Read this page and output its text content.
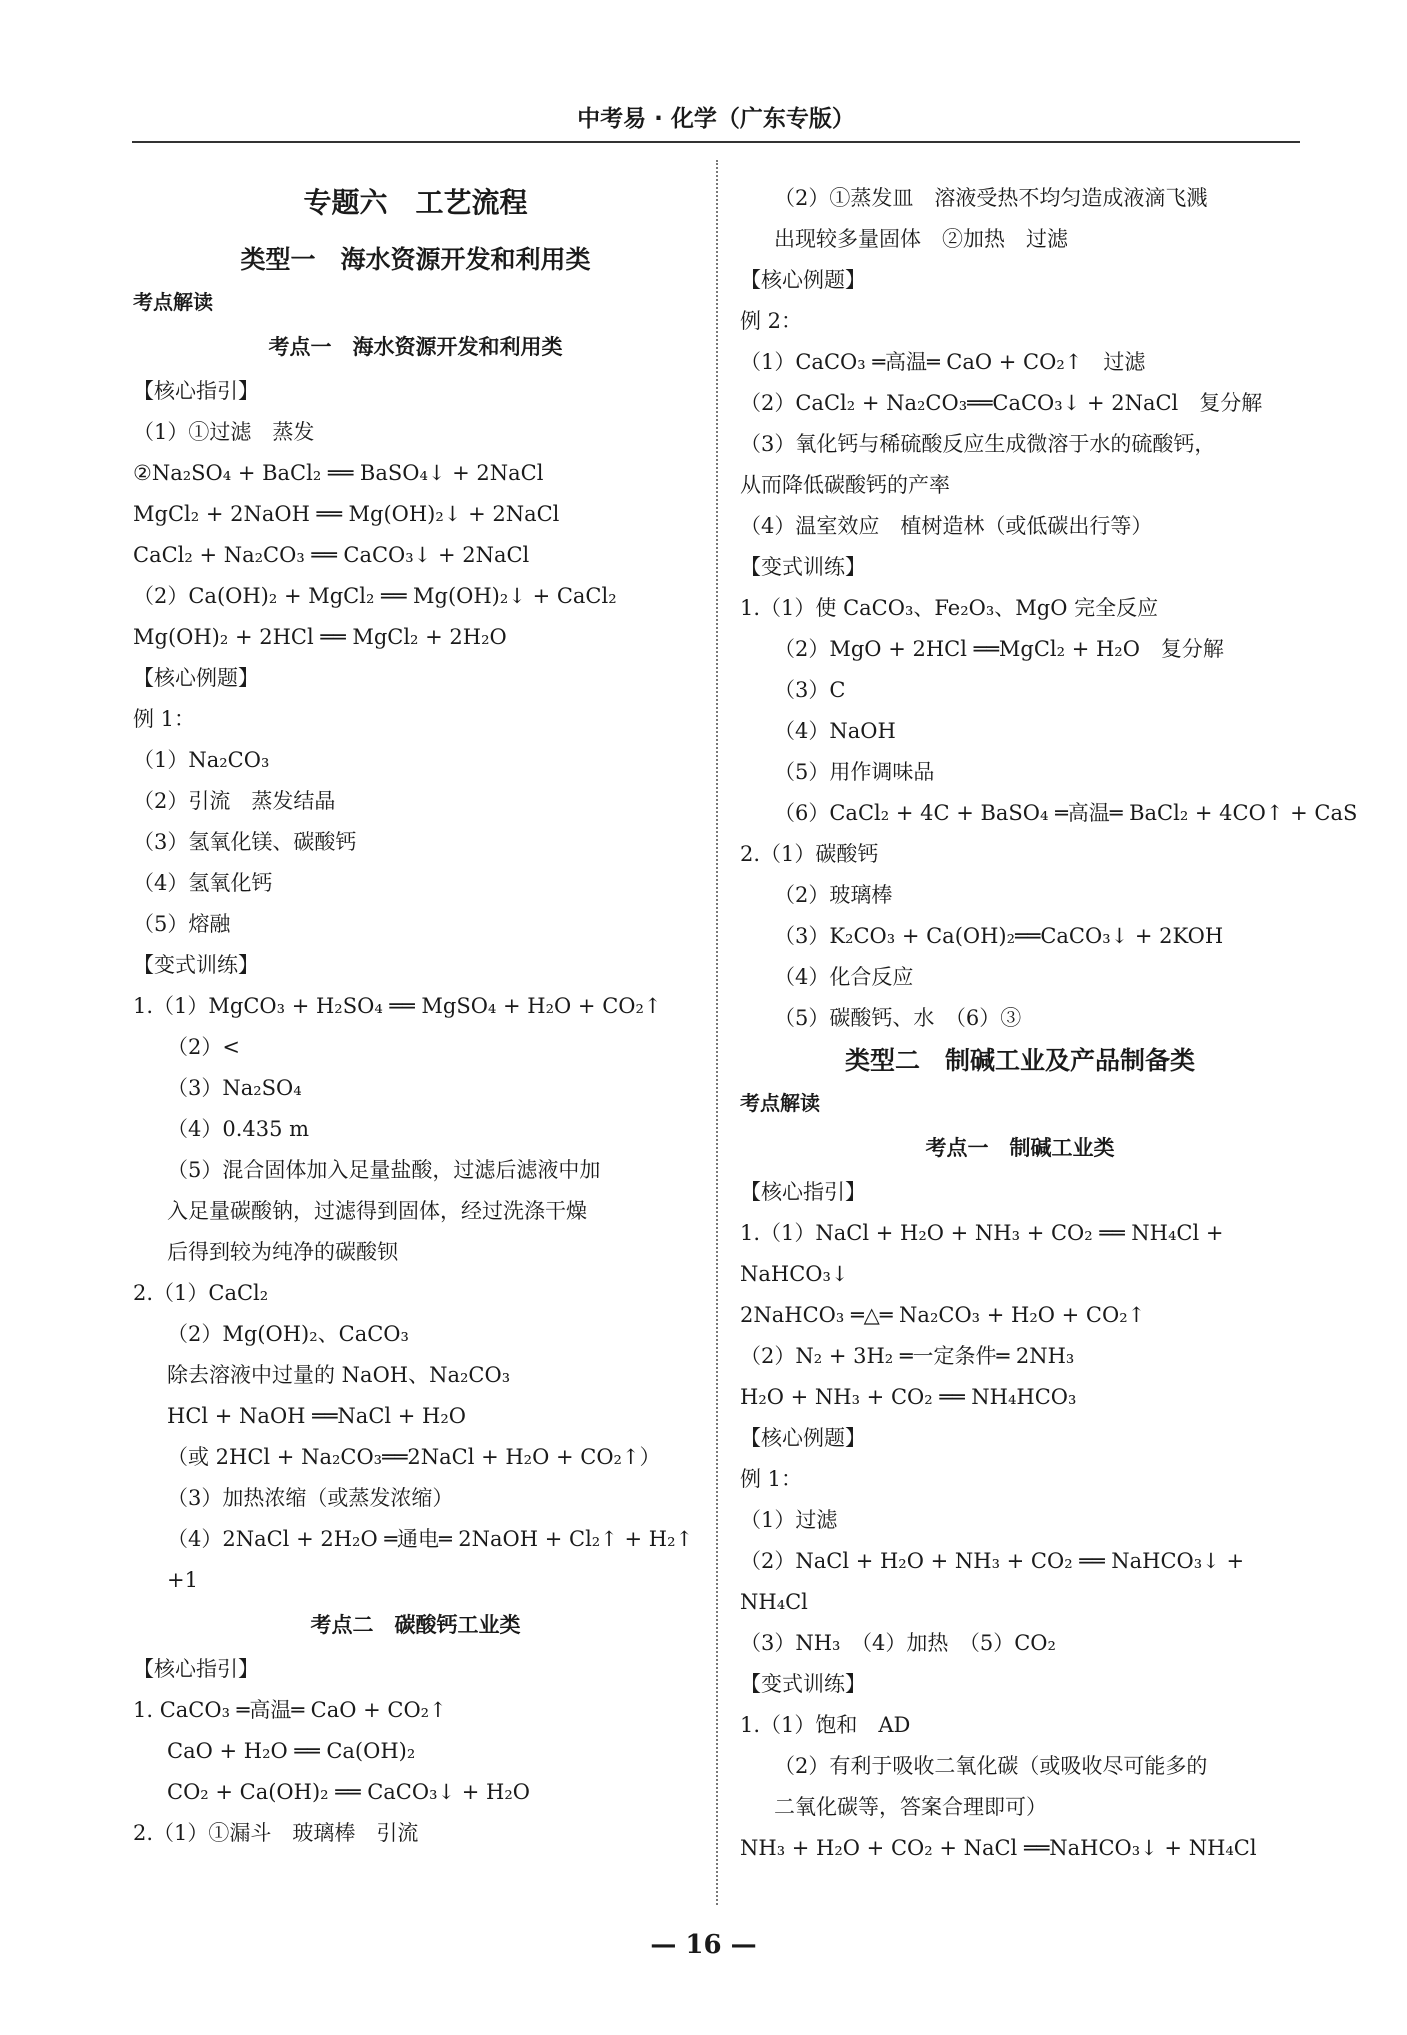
中考易 · 化学（广东专版）
专题六　工艺流程
类型一　海水资源开发和利用类
考点解读
考点一　海水资源开发和利用类
【核心指引】
（1）①过滤　蒸发
②Na₂SO₄ + BaCl₂ ══ BaSO₄↓ + 2NaCl
MgCl₂ + 2NaOH ══ Mg(OH)₂↓ + 2NaCl
CaCl₂ + Na₂CO₃ ══ CaCO₃↓ + 2NaCl
（2）Ca(OH)₂ + MgCl₂ ══ Mg(OH)₂↓ + CaCl₂
Mg(OH)₂ + 2HCl ══ MgCl₂ + 2H₂O
【核心例题】
例 1：
（1）Na₂CO₃
（2）引流　蒸发结晶
（3）氢氧化镁、碳酸钙
（4）氢氧化钙
（5）熔融
【变式训练】
1.（1）MgCO₃ + H₂SO₄ ══ MgSO₄ + H₂O + CO₂↑
（2）<
（3）Na₂SO₄
（4）0.435 m
（5）混合固体加入足量盐酸，过滤后滤液中加
入足量碳酸钠，过滤得到固体，经过洗涤干燥
后得到较为纯净的碳酸钡
2.（1）CaCl₂
（2）Mg(OH)₂、CaCO₃
除去溶液中过量的 NaOH、Na₂CO₃
HCl + NaOH ══NaCl + H₂O
（或 2HCl + Na₂CO₃══2NaCl + H₂O + CO₂↑）
（3）加热浓缩（或蒸发浓缩）
（4）2NaCl + 2H₂O ═通电═ 2NaOH + Cl₂↑ + H₂↑
+1
考点二　碳酸钙工业类
【核心指引】
1. CaCO₃ ═高温═ CaO + CO₂↑
CaO + H₂O ══ Ca(OH)₂
CO₂ + Ca(OH)₂ ══ CaCO₃↓ + H₂O
2.（1）①漏斗　玻璃棒　引流
（2）①蒸发皿　溶液受热不均匀造成液滴飞溅
出现较多量固体　②加热　过滤
【核心例题】
例 2：
（1）CaCO₃ ═高温═ CaO + CO₂↑　过滤
（2）CaCl₂ + Na₂CO₃══CaCO₃↓ + 2NaCl　复分解
（3）氧化钙与稀硫酸反应生成微溶于水的硫酸钙，
从而降低碳酸钙的产率
（4）温室效应　植树造林（或低碳出行等）
【变式训练】
1.（1）使 CaCO₃、Fe₂O₃、MgO 完全反应
（2）MgO + 2HCl ══MgCl₂ + H₂O　复分解
（3）C
（4）NaOH
（5）用作调味品
（6）CaCl₂ + 4C + BaSO₄ ═高温═ BaCl₂ + 4CO↑ + CaS
2.（1）碳酸钙
（2）玻璃棒
（3）K₂CO₃ + Ca(OH)₂══CaCO₃↓ + 2KOH
（4）化合反应
（5）碳酸钙、水　（6）③
类型二　制碱工业及产品制备类
考点解读
考点一　制碱工业类
【核心指引】
1.（1）NaCl + H₂O + NH₃ + CO₂ ══ NH₄Cl +
NaHCO₃↓
2NaHCO₃ ═△═ Na₂CO₃ + H₂O + CO₂↑
（2）N₂ + 3H₂ ═一定条件═ 2NH₃
H₂O + NH₃ + CO₂ ══ NH₄HCO₃
【核心例题】
例 1：
（1）过滤
（2）NaCl + H₂O + NH₃ + CO₂ ══ NaHCO₃↓ +
NH₄Cl
（3）NH₃　（4）加热　（5）CO₂
【变式训练】
1.（1）饱和　AD
（2）有利于吸收二氧化碳（或吸收尽可能多的
二氧化碳等，答案合理即可）
NH₃ + H₂O + CO₂ + NaCl ══NaHCO₃↓ + NH₄Cl
— 16 —
